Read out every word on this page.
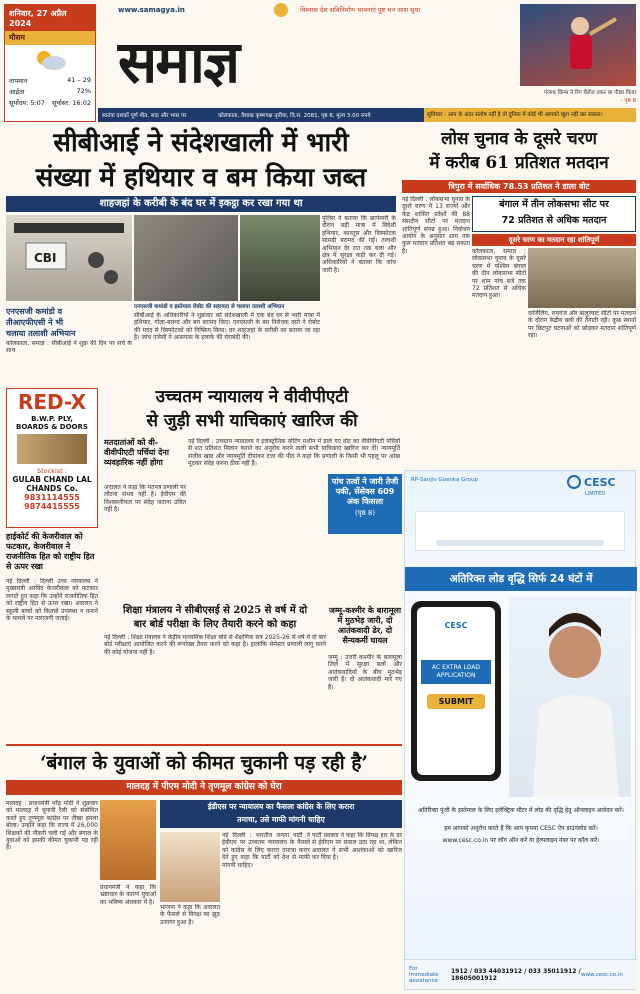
शनिवार, 27 अप्रैल 2024
मौसम
तापमान	41 – 29
आर्द्रता	72%
सूर्योदय: 5:07 सूर्यास्त: 16:02
www.samagya.in	विश्वास देश सविनिर्माण भावनाएं पुष्ट मन आश सुधा
समाज्ञ	पंजाब किंग्स ने रिंग चैलेंज तकर बा पीछा किया
- पृष्ठ 8
स्वतंत्रा दशकों पूर्ण मीत, सदा और भास पर	कोलकाता, वैशाख कृष्णपक्ष तृतीया, वि.स. 2081, पृष्ठ 8, मूल्य 3.00 रुपये	सुविचार : आप के अंदर संतोष नहीं है तो दुनिया में कोई भी आपको खुश नहीं कर सकता।
सीबीआई ने संदेशखाली में भारी
संख्या में हथियार व बम किया जब्त
शाहजहां के करीबी के बंद घर में इकट्ठा कर रखा गया था
लोस चुनाव के दूसरे चरण
में करीब 61 प्रतिशत मतदान
त्रिपुरा में सर्वाधिक 78.53 प्रतिशत ने डाला वोट
CBI
पुलिस ने बताया कि छापेमारी के दौरान बड़ी मात्रा में विदेशी हथियार, कारतूस और विस्फोटक सामग्री बरामद की गई। तलाशी अभियान देर रात तक चला और क्षेत्र में सुरक्षा कड़ी कर दी गई। अधिकारियों ने बताया कि जांच जारी है।
एनएसजी कमांडो व इस्तेमाल रोबोट की सहायता से चलाया तलाशी अभियान
एनएसजी कमांडो व
तीआएफीएसी ने भी
चलाया तलाशी अभियान
कोलकाता, समाज्ञ : सीबीआई ने शुक्र की दिन पर सर्च के साथ
सीबीआई के अधिकारियों ने शुक्रवार को संदेशखाली में एक बंद घर से भारी मात्रा में हथियार, गोला-बारूद और बम बरामद किए। एनएसजी के बम निरोधक दस्ते ने रोबोट की मदद से विस्फोटकों को निष्क्रिय किया। घर शाहजहां के करीबी का बताया जा रहा है। जांच एजेंसी ने आसपास के इलाके की घेराबंदी की।
नई दिल्ली : लोकसभा चुनाव के दूसरे चरण में 13 राज्यों और केंद्र शासित प्रदेशों की 88 संसदीय सीटों पर मतदान शांतिपूर्ण संपन्न हुआ। निर्वाचन आयोग के अनुसार शाम तक कुल मतदान प्रतिशत बढ़ सकता है।
बंगाल में तीन लोकसभा सीट पर
72 प्रतिशत से अधिक मतदान
दूसरे चरण का मतदान रहा शांतिपूर्ण
कोलकाता, समाज्ञ : लोकसभा चुनाव के दूसरे चरण में पश्चिम बंगाल की तीन लोकसभा सीटों पर शाम पांच बजे तक 72 प्रतिशत से अधिक मतदान हुआ।
दार्जिलिंग, रायगंज और बालुरघाट सीटों पर मतदान के दौरान केंद्रीय बलों की तैनाती रही। कुछ स्थानों पर छिटपुट घटनाओं को छोड़कर मतदान शांतिपूर्ण रहा।
RED-X
B.W.P. PLY,
BOARDS & DOORS
Stockist :
GULAB CHAND LAL CHANDS Co.
9831114555
9874415555
उच्चतम न्यायालय ने वीवीपीएटी
से जुड़ी सभी याचिकाएं खारिज की
हाईकोर्ट की केजरीवाल को फटकार, केजरीवाल ने राजनीतिक हित को राष्ट्रीय हित से ऊपर रखा
नई दिल्ली : दिल्ली उच्च न्यायालय ने मुख्यमंत्री अरविंद केजरीवाल को फटकार लगाते हुए कहा कि उन्होंने राजनीतिक हित को राष्ट्रीय हित से ऊपर रखा। अदालत ने स्कूली बच्चों को किताबें उपलब्ध न कराने के मामले पर नाराजगी जताई।
मतदातांओं को वी-वीवीपीएटी पर्चियां देना व्यवहारिक नहीं होगा
अदालत ने कहा कि मतपत्र प्रणाली पर लौटना संभव नहीं है। ईवीएम की विश्वसनीयता पर संदेह जताना उचित नहीं है।
नई दिल्ली : उच्चतम न्यायालय ने इलेक्ट्रॉनिक वोटिंग मशीन में डाले गए वोट का वीवीपीएटी पर्चियों से शत प्रतिशत मिलान कराने का अनुरोध करने वाली सभी याचिकाएं खारिज कर दीं। न्यायमूर्ति संजीव खन्ना और न्यायमूर्ति दीपांकर दत्ता की पीठ ने कहा कि प्रणाली के किसी भी पहलू पर आंख मूंदकर संदेह करना ठीक नहीं है।
पांच तत्वों ने जारी तेजी पकी, सेंसेक्स 609 अंक फिसला
(पृष्ठ 8)
शिक्षा मंत्रालय ने सीबीएसई से 2025 से वर्ष में दो
बार बोर्ड परीक्षा के लिए तैयारी करने को कहा
नई दिल्ली : शिक्षा मंत्रालय ने केंद्रीय माध्यमिक शिक्षा बोर्ड से शैक्षणिक सत्र 2025-26 से वर्ष में दो बार बोर्ड परीक्षाएं आयोजित करने की रूपरेखा तैयार करने को कहा है। हालांकि सेमेस्टर प्रणाली लागू करने की कोई योजना नहीं है।
जम्मू-कश्मीर के बारामूला में मुठभेड़ जारी, दो आतंकवादी ढेर, दो सैन्यकर्मी घायल
जम्मू : उत्तरी कश्मीर के बारामूला जिले में सुरक्षा बलों और आतंकवादियों के बीच मुठभेड़ जारी है। दो आतंकवादी मारे गए हैं।
RP-Sanjiv Goenka Group	CESC
LIMITED
अतिरिक्त लोड वृद्धि सिर्फ 24 घंटों में
CESC
AC EXTRA LOAD APPLICATION
SUBMIT
अतिरिक्त पूंजी के इस्तेमाल के लिए इलेक्ट्रिक मीटर में लोड की वृद्धि हेतु ऑनलाइन आवेदन करें।
हम आपको अनुरोध करते हैं कि आप कृपया CESC ऐप डाउनलोड करें।
www.cesc.co.in पर लॉग ऑन करें या हेल्पलाइन नंबर पर कॉल करें।
For immediate assistance
1912 / 033 44031912 / 033 35011912 / 18605001912	www.cesc.co.in
‘बंगाल के युवाओं को कीमत चुकानी पड़ रही है’
मालदह में पीएम मोदी ने तृणमूल कांग्रेस को घेरा
मालदह : प्रधानमंत्री नरेंद्र मोदी ने शुक्रवार को मालदह में चुनावी रैली को संबोधित करते हुए तृणमूल कांग्रेस पर तीखा हमला बोला। उन्होंने कहा कि राज्य में 26,000 शिक्षकों की नौकरी चली गई और बंगाल के युवाओं को इसकी कीमत चुकानी पड़ रही है।
प्रधानमंत्री ने कहा कि भ्रष्टाचार के कारण युवाओं का भविष्य अंधकार में है।
ईडीएस पर न्यायालय का फैसला कांग्रेस के लिए करारा
तमाचा, उसे माफी मांगनी चाहिए
भाजपा ने कहा कि अदालत के फैसले से विपक्ष का झूठ उजागर हुआ है।
नई दिल्ली : भारतीय जनता पार्टी ने ईवीएम पर उच्चतम न्यायालय के फैसले को कांग्रेस के लिए करारा तमाचा करार देते हुए कहा कि पार्टी को देश से माफी मांगनी चाहिए।
पार्टी प्रवक्ता ने कहा कि विपक्ष हार के डर से ईवीएम पर सवाल उठा रहा था, लेकिन अदालत ने सभी आशंकाओं को खारिज कर दिया है।
